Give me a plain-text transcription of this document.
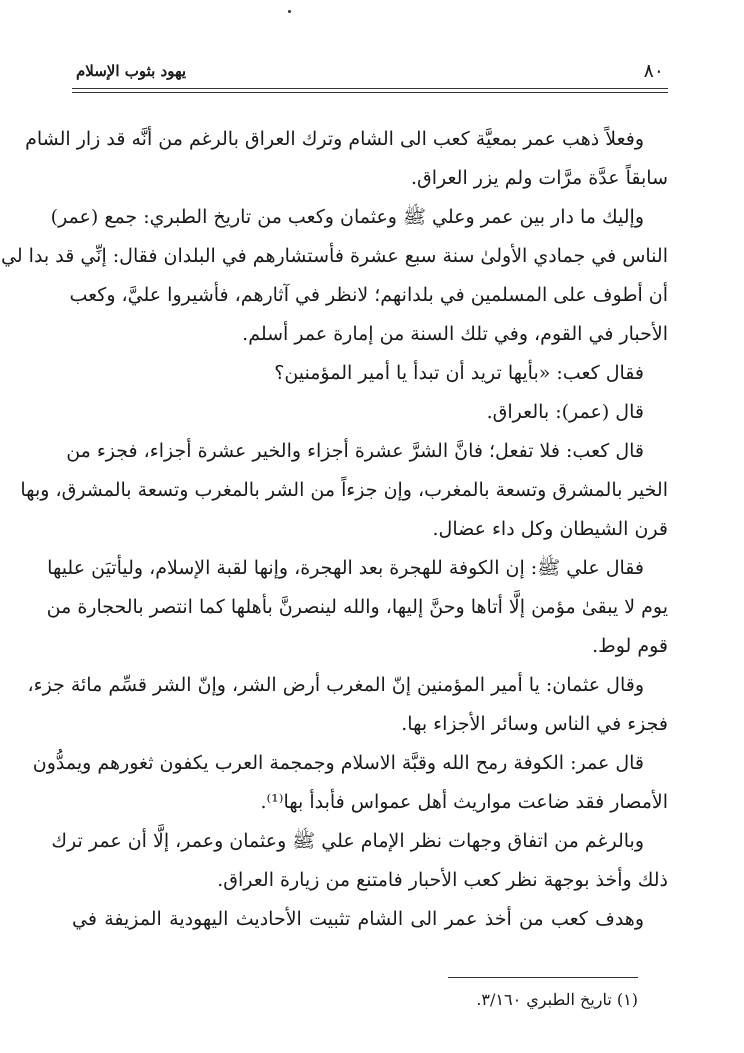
٨٠
يهود بثوب الإسلام
وفعلاً ذهب عمر بمعيَّة كعب الى الشام وترك العراق بالرغم من أنَّه قد زار الشام
سابقاً عدَّة مرَّات ولم يزر العراق.
وإليك ما دار بين عمر وعلي ﷺ وعثمان وكعب من تاريخ الطبري: جمع (عمر)
الناس في جمادي الأولىٰ سنة سبع عشرة فأستشارهم في البلدان فقال: إنِّي قد بدا لي
أن أطوف على المسلمين في بلدانهم؛ لانظر في آثارهم، فأشيروا عليَّ، وكعب
الأحبار في القوم، وفي تلك السنة من إمارة عمر أسلم.
فقال كعب: «بأيها تريد أن تبدأ يا أمير المؤمنين؟
قال (عمر): بالعراق.
قال كعب: فلا تفعل؛ فانَّ الشرَّ عشرة أجزاء والخير عشرة أجزاء، فجزء من
الخير بالمشرق وتسعة بالمغرب، وإن جزءاً من الشر بالمغرب وتسعة بالمشرق، وبها
قرن الشيطان وكل داء عضال.
فقال علي ﷺ: إن الكوفة للهجرة بعد الهجرة، وإنها لقبة الإسلام، وليأتيَن عليها
يوم لا يبقىٰ مؤمن إلَّا أتاها وحنَّ إليها، والله لينصرنَّ بأهلها كما انتصر بالحجارة من
قوم لوط.
وقال عثمان: يا أمير المؤمنين إنّ المغرب أرض الشر، وإنّ الشر قسِّم مائة جزء،
فجزء في الناس وسائر الأجزاء بها.
قال عمر: الكوفة رمح الله وقبَّة الاسلام وجمجمة العرب يكفون ثغورهم ويمدُّون
الأمصار فقد ضاعت مواريث أهل عمواس فأبدأ بها⁽¹⁾.
وبالرغم من اتفاق وجهات نظر الإمام علي ﷺ وعثمان وعمر، إلَّا أن عمر ترك
ذلك وأخذ بوجهة نظر كعب الأحبار فامتنع من زيارة العراق.
وهدف كعب من أخذ عمر الى الشام تثبيت الأحاديث اليهودية المزيفة في
(١) تاريخ الطبري ٣/١٦٠.
